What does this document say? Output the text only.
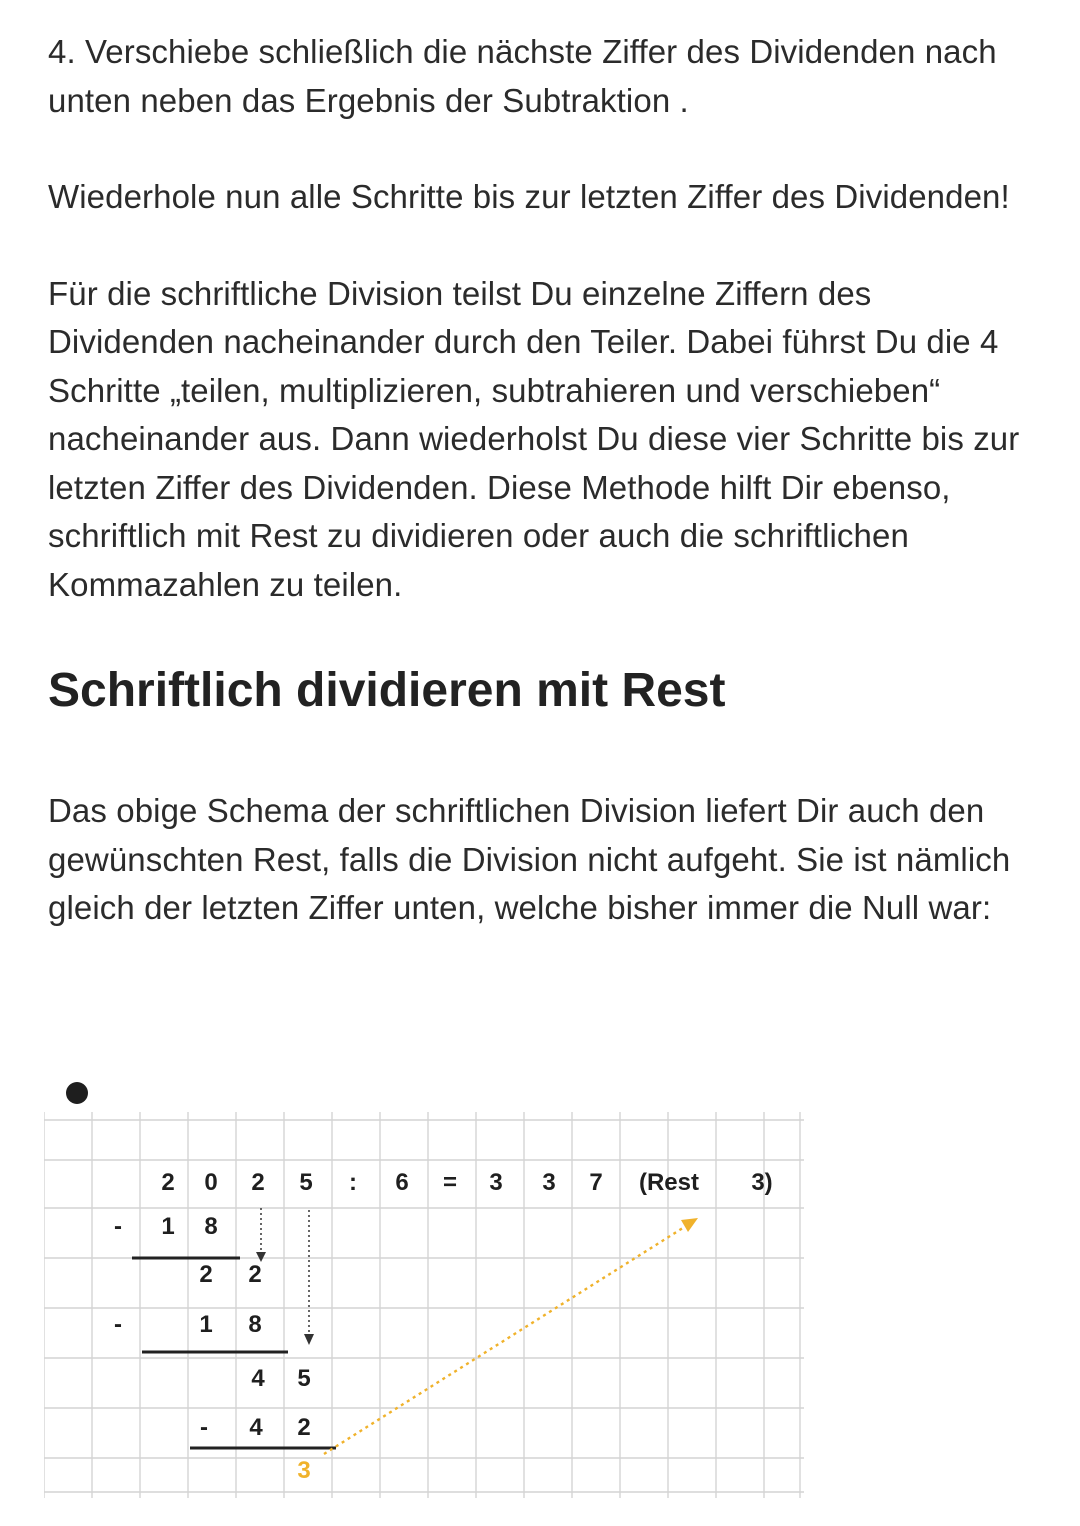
4. Verschiebe schließlich die nächste Ziffer des Dividenden nach unten neben das Ergebnis der Subtraktion .

Wiederhole nun alle Schritte bis zur letzten Ziffer des Dividenden!

Für die schriftliche Division teilst Du einzelne Ziffern des Dividenden nacheinander durch den Teiler. Dabei führst Du die 4 Schritte „teilen, multiplizieren, subtrahieren und verschieben“ nacheinander aus. Dann wiederholst Du diese vier Schritte bis zur letzten Ziffer des Dividenden. Diese Methode hilft Dir ebenso, schriftlich mit Rest zu dividieren oder auch die schriftlichen Kommazahlen zu teilen.

Schriftlich dividieren mit Rest

Das obige Schema der schriftlichen Division liefert Dir auch den gewünschten Rest, falls die Division nicht aufgeht. Sie ist nämlich gleich der letzten Ziffer unten, welche bisher immer die Null war:

2 0 2 5 : 6 = 3 3 7 (Rest 3)
- 1 8
2 2
-	1 8
4 5
- 4 2
3
